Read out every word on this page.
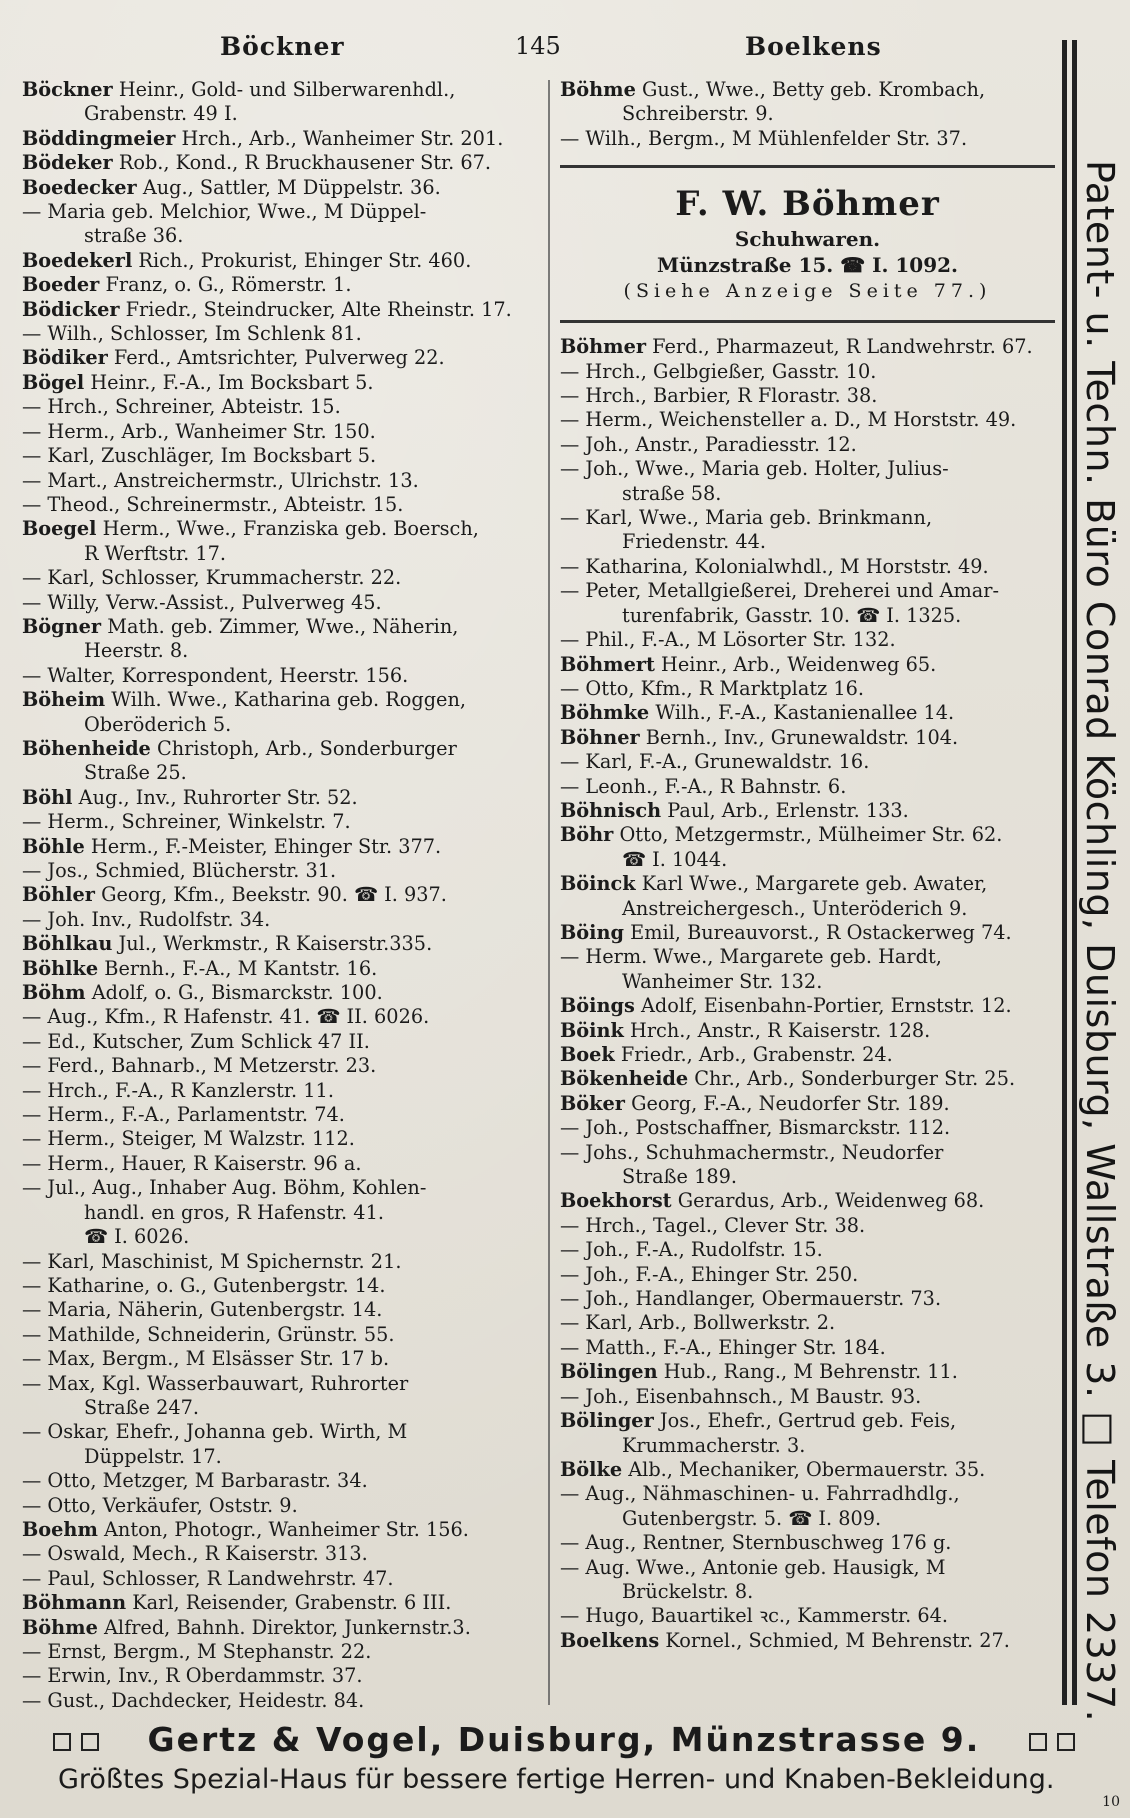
Böckner	145	Boelkens
Böckner Heinr., Gold- und Silberwarenhdl.,
Grabenstr. 49 I.
Böddingmeier Hrch., Arb., Wanheimer Str. 201.
Bödeker Rob., Kond., R Bruckhausener Str. 67.
Boedecker Aug., Sattler, M Düppelstr. 36.
— Maria geb. Melchior, Wwe., M Düppel-
straße 36.
Boedekerl Rich., Prokurist, Ehinger Str. 460.
Boeder Franz, o. G., Römerstr. 1.
Bödicker Friedr., Steindrucker, Alte Rheinstr. 17.
— Wilh., Schlosser, Im Schlenk 81.
Bödiker Ferd., Amtsrichter, Pulverweg 22.
Bögel Heinr., F.-A., Im Bocksbart 5.
— Hrch., Schreiner, Abteistr. 15.
— Herm., Arb., Wanheimer Str. 150.
— Karl, Zuschläger, Im Bocksbart 5.
— Mart., Anstreichermstr., Ulrichstr. 13.
— Theod., Schreinermstr., Abteistr. 15.
Boegel Herm., Wwe., Franziska geb. Boersch,
R Werftstr. 17.
— Karl, Schlosser, Krummacherstr. 22.
— Willy, Verw.-Assist., Pulverweg 45.
Bögner Math. geb. Zimmer, Wwe., Näherin,
Heerstr. 8.
— Walter, Korrespondent, Heerstr. 156.
Böheim Wilh. Wwe., Katharina geb. Roggen,
Oberöderich 5.
Böhenheide Christoph, Arb., Sonderburger
Straße 25.
Böhl Aug., Inv., Ruhrorter Str. 52.
— Herm., Schreiner, Winkelstr. 7.
Böhle Herm., F.-Meister, Ehinger Str. 377.
— Jos., Schmied, Blücherstr. 31.
Böhler Georg, Kfm., Beekstr. 90. ☎ I. 937.
— Joh. Inv., Rudolfstr. 34.
Böhlkau Jul., Werkmstr., R Kaiserstr.335.
Böhlke Bernh., F.-A., M Kantstr. 16.
Böhm Adolf, o. G., Bismarckstr. 100.
— Aug., Kfm., R Hafenstr. 41. ☎ II. 6026.
— Ed., Kutscher, Zum Schlick 47 II.
— Ferd., Bahnarb., M Metzerstr. 23.
— Hrch., F.-A., R Kanzlerstr. 11.
— Herm., F.-A., Parlamentstr. 74.
— Herm., Steiger, M Walzstr. 112.
— Herm., Hauer, R Kaiserstr. 96 a.
— Jul., Aug., Inhaber Aug. Böhm, Kohlen-
handl. en gros, R Hafenstr. 41.
☎ I. 6026.
— Karl, Maschinist, M Spichernstr. 21.
— Katharine, o. G., Gutenbergstr. 14.
— Maria, Näherin, Gutenbergstr. 14.
— Mathilde, Schneiderin, Grünstr. 55.
— Max, Bergm., M Elsässer Str. 17 b.
— Max, Kgl. Wasserbauwart, Ruhrorter
Straße 247.
— Oskar, Ehefr., Johanna geb. Wirth, M
Düppelstr. 17.
— Otto, Metzger, M Barbarastr. 34.
— Otto, Verkäufer, Oststr. 9.
Boehm Anton, Photogr., Wanheimer Str. 156.
— Oswald, Mech., R Kaiserstr. 313.
— Paul, Schlosser, R Landwehrstr. 47.
Böhmann Karl, Reisender, Grabenstr. 6 III.
Böhme Alfred, Bahnh. Direktor, Junkernstr.3.
— Ernst, Bergm., M Stephanstr. 22.
— Erwin, Inv., R Oberdammstr. 37.
— Gust., Dachdecker, Heidestr. 84.
Böhme Gust., Wwe., Betty geb. Krombach,
Schreiberstr. 9.
— Wilh., Bergm., M Mühlenfelder Str. 37.
F. W. Böhmer
Schuhwaren.
Münzstraße 15. ☎ I. 1092.
(Siehe Anzeige Seite 77.)
Böhmer Ferd., Pharmazeut, R Landwehrstr. 67.
— Hrch., Gelbgießer, Gasstr. 10.
— Hrch., Barbier, R Florastr. 38.
— Herm., Weichensteller a. D., M Horststr. 49.
— Joh., Anstr., Paradiesstr. 12.
— Joh., Wwe., Maria geb. Holter, Julius-
straße 58.
— Karl, Wwe., Maria geb. Brinkmann,
Friedenstr. 44.
— Katharina, Kolonialwhdl., M Horststr. 49.
— Peter, Metallgießerei, Dreherei und Amar-
turenfabrik, Gasstr. 10. ☎ I. 1325.
— Phil., F.-A., M Lösorter Str. 132.
Böhmert Heinr., Arb., Weidenweg 65.
— Otto, Kfm., R Marktplatz 16.
Böhmke Wilh., F.-A., Kastanienallee 14.
Böhner Bernh., Inv., Grunewaldstr. 104.
— Karl, F.-A., Grunewaldstr. 16.
— Leonh., F.-A., R Bahnstr. 6.
Böhnisch Paul, Arb., Erlenstr. 133.
Böhr Otto, Metzgermstr., Mülheimer Str. 62.
☎ I. 1044.
Böinck Karl Wwe., Margarete geb. Awater,
Anstreichergesch., Unteröderich 9.
Böing Emil, Bureauvorst., R Ostackerweg 74.
— Herm. Wwe., Margarete geb. Hardt,
Wanheimer Str. 132.
Böings Adolf, Eisenbahn-Portier, Ernststr. 12.
Böink Hrch., Anstr., R Kaiserstr. 128.
Boek Friedr., Arb., Grabenstr. 24.
Bökenheide Chr., Arb., Sonderburger Str. 25.
Böker Georg, F.-A., Neudorfer Str. 189.
— Joh., Postschaffner, Bismarckstr. 112.
— Johs., Schuhmachermstr., Neudorfer
Straße 189.
Boekhorst Gerardus, Arb., Weidenweg 68.
— Hrch., Tagel., Clever Str. 38.
— Joh., F.-A., Rudolfstr. 15.
— Joh., F.-A., Ehinger Str. 250.
— Joh., Handlanger, Obermauerstr. 73.
— Karl, Arb., Bollwerkstr. 2.
— Matth., F.-A., Ehinger Str. 184.
Bölingen Hub., Rang., M Behrenstr. 11.
— Joh., Eisenbahnsch., M Baustr. 93.
Bölinger Jos., Ehefr., Gertrud geb. Feis,
Krummacherstr. 3.
Bölke Alb., Mechaniker, Obermauerstr. 35.
— Aug., Nähmaschinen- u. Fahrradhdlg.,
Gutenbergstr. 5. ☎ I. 809.
— Aug., Rentner, Sternbuschweg 176 g.
— Aug. Wwe., Antonie geb. Hausigk, M
Brückelstr. 8.
— Hugo, Bauartikel ꝛc., Kammerstr. 64.
Boelkens Kornel., Schmied, M Behrenstr. 27.	Patent- u. Techn. Büro Conrad Köchling, Duisburg, Wallstraße 3. □ Telefon 2337.
Gertz & Vogel, Duisburg, Münzstrasse 9.
Größtes Spezial-Haus für bessere fertige Herren- und Knaben-Bekleidung.
10
